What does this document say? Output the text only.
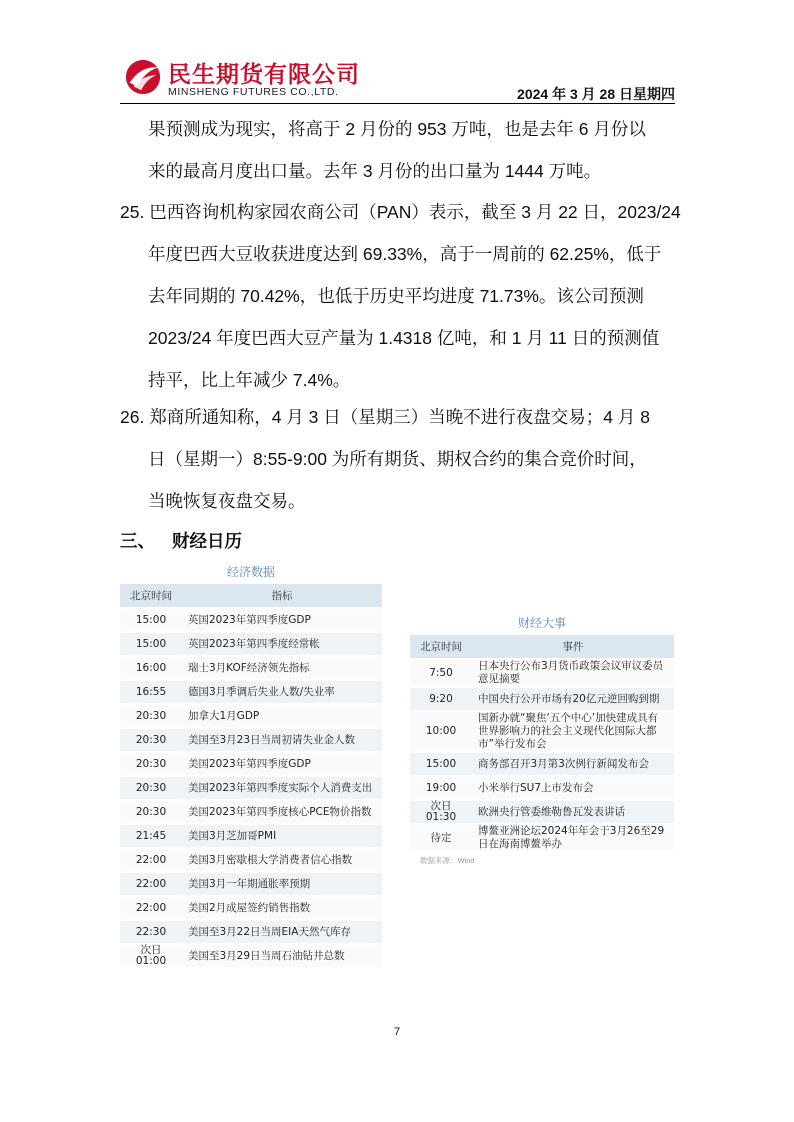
民生期货有限公司
MINSHENG FUTURES CO.,LTD.	2024 年 3 月 28 日星期四
果预测成为现实，将高于 2 月份的 953 万吨，也是去年 6 月份以
来的最高月度出口量。去年 3 月份的出口量为 1444 万吨。
25. 巴西咨询机构家园农商公司（PAN）表示，截至 3 月 22 日，2023/24
年度巴西大豆收获进度达到 69.33%，高于一周前的 62.25%，低于
去年同期的 70.42%，也低于历史平均进度 71.73%。该公司预测
2023/24 年度巴西大豆产量为 1.4318 亿吨，和 1 月 11 日的预测值
持平，比上年减少 7.4%。
26. 郑商所通知称，4 月 3 日（星期三）当晚不进行夜盘交易；4 月 8
日（星期一）8:55-9:00 为所有期货、期权合约的集合竞价时间，
当晚恢复夜盘交易。
三、 财经日历
经济数据
北京时间	指标
15:00	英国2023年第四季度GDP
15:00	英国2023年第四季度经常帐
16:00	瑞士3月KOF经济领先指标
16:55	德国3月季调后失业人数/失业率
20:30	加拿大1月GDP
20:30	美国至3月23日当周初请失业金人数
20:30	美国2023年第四季度GDP
20:30	美国2023年第四季度实际个人消费支出
20:30	美国2023年第四季度核心PCE物价指数
21:45	美国3月芝加哥PMI
22:00	美国3月密歇根大学消费者信心指数
22:00	美国3月一年期通胀率预期
22:00	美国2月成屋签约销售指数
22:30	美国至3月22日当周EIA天然气库存
次日
01:00	美国至3月29日当周石油钻井总数
财经大事
北京时间	事件
7:50	日本央行公布3月货币政策会议审议委员意见摘要
9:20	中国央行公开市场有20亿元逆回购到期
10:00	国新办就“聚焦‘五个中心’加快建成具有世界影响力的社会主义现代化国际大都市”举行发布会
15:00	商务部召开3月第3次例行新闻发布会
19:00	小米举行SU7上市发布会
次日
01:30	欧洲央行管委维勒鲁瓦发表讲话
待定	博鳌亚洲论坛2024年年会于3月26至29日在海南博鳌举办
数据来源：Wind
7
